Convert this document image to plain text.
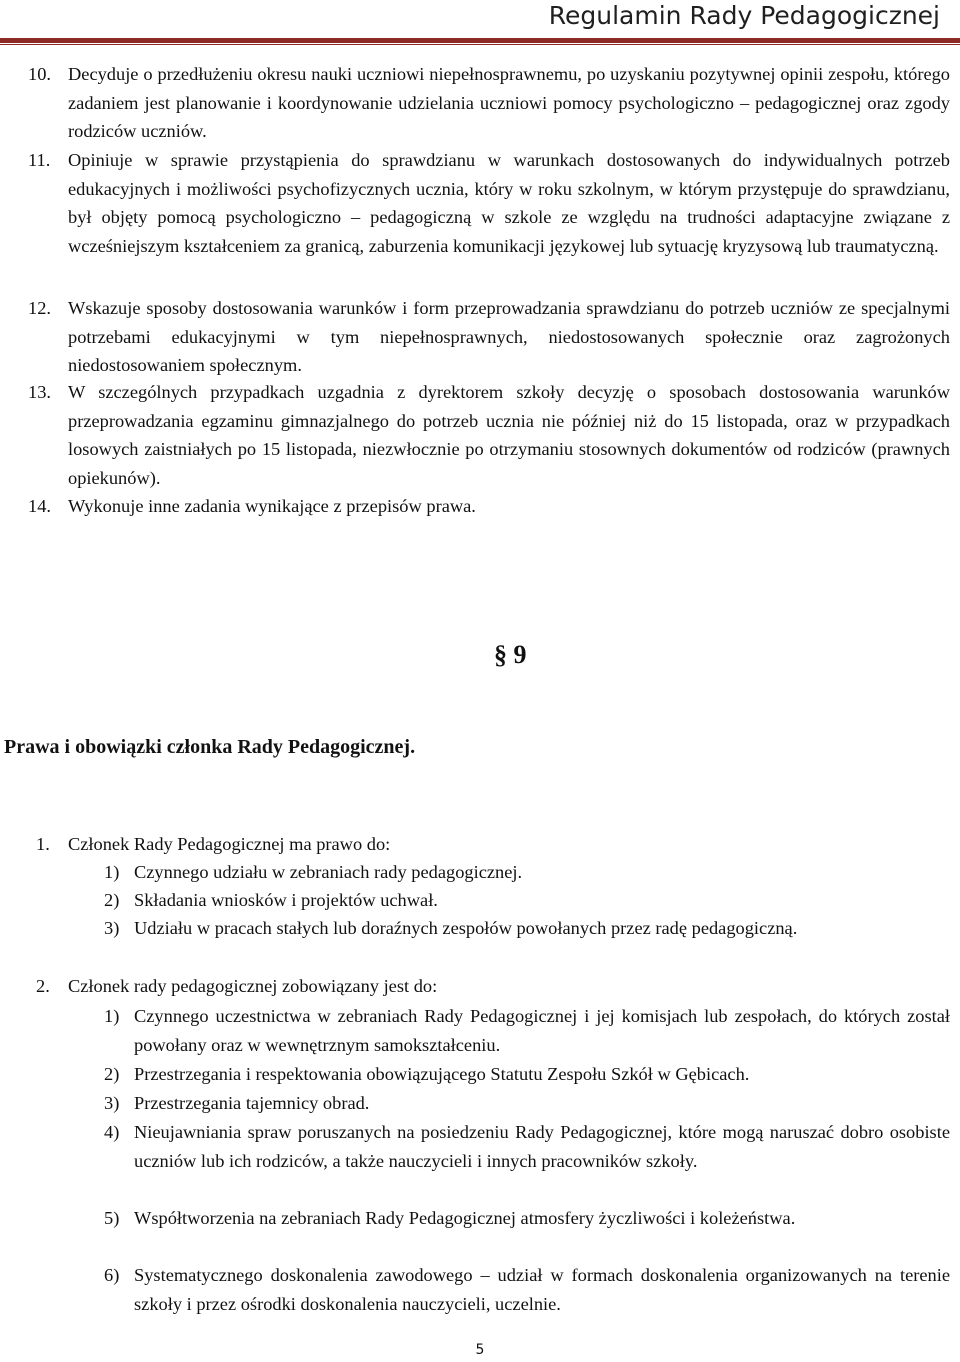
Regulamin Rady Pedagogicznej
10. Decyduje o przedłużeniu okresu nauki uczniowi niepełnosprawnemu, po uzyskaniu pozytywnej opinii zespołu, którego zadaniem jest planowanie i koordynowanie udzielania uczniowi pomocy psychologiczno – pedagogicznej oraz zgody rodziców uczniów.
11. Opiniuje w sprawie przystąpienia do sprawdzianu w warunkach dostosowanych do indywidualnych potrzeb edukacyjnych i możliwości psychofizycznych ucznia, który w roku szkolnym, w którym przystępuje do sprawdzianu, był objęty pomocą psychologiczno – pedagogiczną w szkole ze względu na trudności adaptacyjne związane z wcześniejszym kształceniem za granicą, zaburzenia komunikacji językowej lub sytuację kryzysową lub traumatyczną.
12. Wskazuje sposoby dostosowania warunków i form przeprowadzania sprawdzianu do potrzeb uczniów ze specjalnymi potrzebami edukacyjnymi w tym niepełnosprawnych, niedostosowanych społecznie oraz zagrożonych niedostosowaniem społecznym.
13. W szczególnych przypadkach uzgadnia z dyrektorem szkoły decyzję o sposobach dostosowania warunków przeprowadzania egzaminu gimnazjalnego do potrzeb ucznia nie później niż do 15 listopada, oraz w przypadkach losowych zaistniałych po 15 listopada, niezwłocznie po otrzymaniu stosownych dokumentów od rodziców (prawnych opiekunów).
14. Wykonuje inne zadania wynikające z przepisów prawa.
§ 9
Prawa i obowiązki członka Rady Pedagogicznej.
1. Członek Rady Pedagogicznej ma prawo do:
1) Czynnego udziału w zebraniach rady pedagogicznej.
2) Składania wniosków i projektów uchwał.
3) Udziału w pracach stałych lub doraźnych zespołów powołanych przez radę pedagogiczną.
2. Członek rady pedagogicznej zobowiązany jest do:
1) Czynnego uczestnictwa w zebraniach Rady Pedagogicznej i jej komisjach lub zespołach, do których został powołany oraz w wewnętrznym samokształceniu.
2) Przestrzegania i respektowania obowiązującego Statutu Zespołu Szkół w Gębicach.
3) Przestrzegania tajemnicy obrad.
4) Nieujawniania spraw poruszanych na posiedzeniu Rady Pedagogicznej, które mogą naruszać dobro osobiste uczniów lub ich rodziców, a także nauczycieli i innych pracowników szkoły.
5) Współtworzenia na zebraniach Rady Pedagogicznej atmosfery życzliwości i koleżeństwa.
6) Systematycznego doskonalenia zawodowego – udział w formach doskonalenia organizowanych na terenie szkoły i przez ośrodki doskonalenia nauczycieli, uczelnie.
5
